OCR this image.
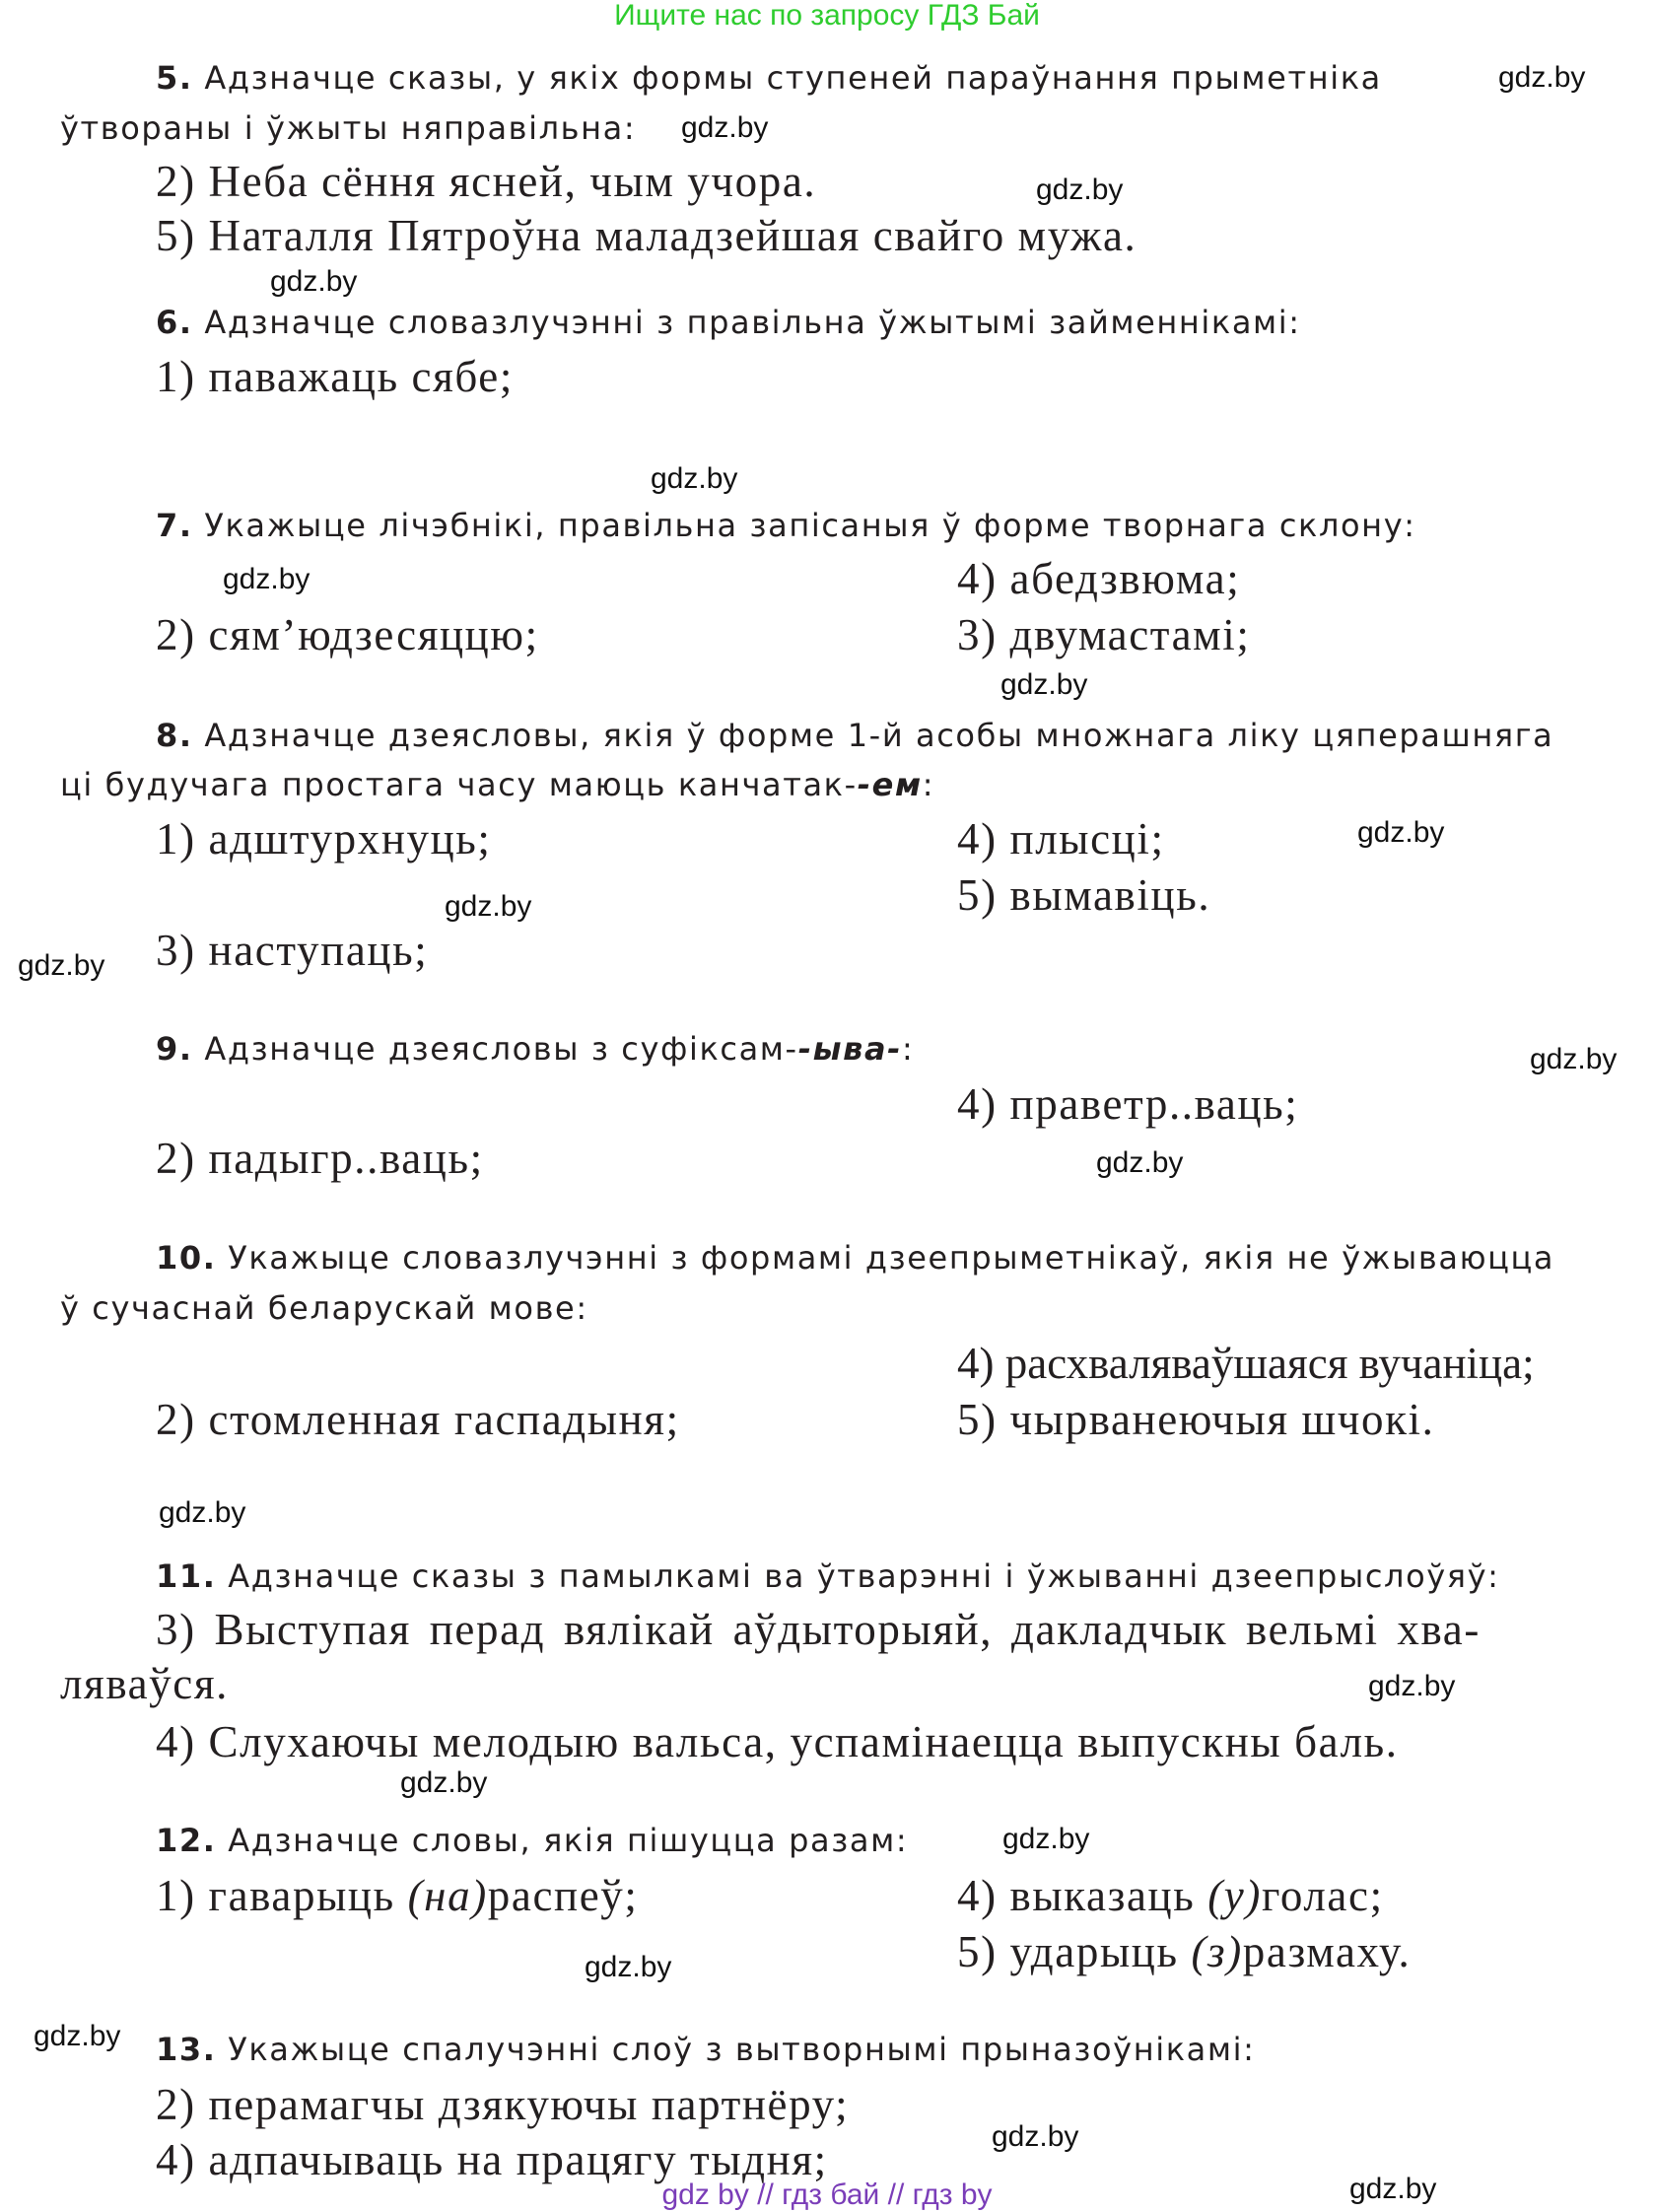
Ищите нас по запросу ГДЗ Бай
5. Адзначце сказы, у якіх формы ступеней параўнання прыметніка
ўтвораны і ўжыты няправільна:
2) Неба сёння ясней, чым учора.
5) Наталля Пятроўна маладзейшая свайго мужа.
6. Адзначце словазлучэнні з правільна ўжытымі займеннікамі:
1) паважаць сябе;
7. Укажыце лічэбнікі, правільна запісаныя ў форме творнага склону:
4) абедзвюма;
2) сям’юдзесяццю;	3) двумастамі;
8. Адзначце дзеясловы, якія ў форме 1-й асобы множнага ліку цяперашняга
ці будучага простага часу маюць канчатак--ем:
1) адштурхнуць;	4) плысці;
5) вымавіць.
3) наступаць;
9. Адзначце дзеясловы з суфіксам--ыва-:
4) праветр..ваць;
2) падыгр..ваць;
10. Укажыце словазлучэнні з формамі дзеепрыметнікаў, якія не ўжываюцца
ў сучаснай беларускай мове:
4) расхваляваўшаяся вучаніца;
2) стомленная гаспадыня;	5) чырванеючыя шчокі.
11. Адзначце сказы з памылкамі ва ўтварэнні і ўжыванні дзеепрыслоўяў:
3) Выступая перад вялікай аўдыторыяй, дакладчык вельмі хва-
ляваўся.
4) Слухаючы мелодыю вальса, успамінаецца выпускны баль.
12. Адзначце словы, якія пішуцца разам:
1) гаварыць (на)распеў;	4) выказаць (у)голас;
5) ударыць (з)размаху.
13. Укажыце спалучэнні слоў з вытворнымі прыназоўнікамі:
2) перамагчы дзякуючы партнёру;
4) адпачываць на працягу тыдня;
gdz.by
gdz.by
gdz.by
gdz.by
gdz.by
gdz.by
gdz.by
gdz.by
gdz.by
gdz.by
gdz.by
gdz.by
gdz.by
gdz.by
gdz.by
gdz.by
gdz.by
gdz.by
gdz.by
gdz.by
gdz by // гдз бай // гдз by
